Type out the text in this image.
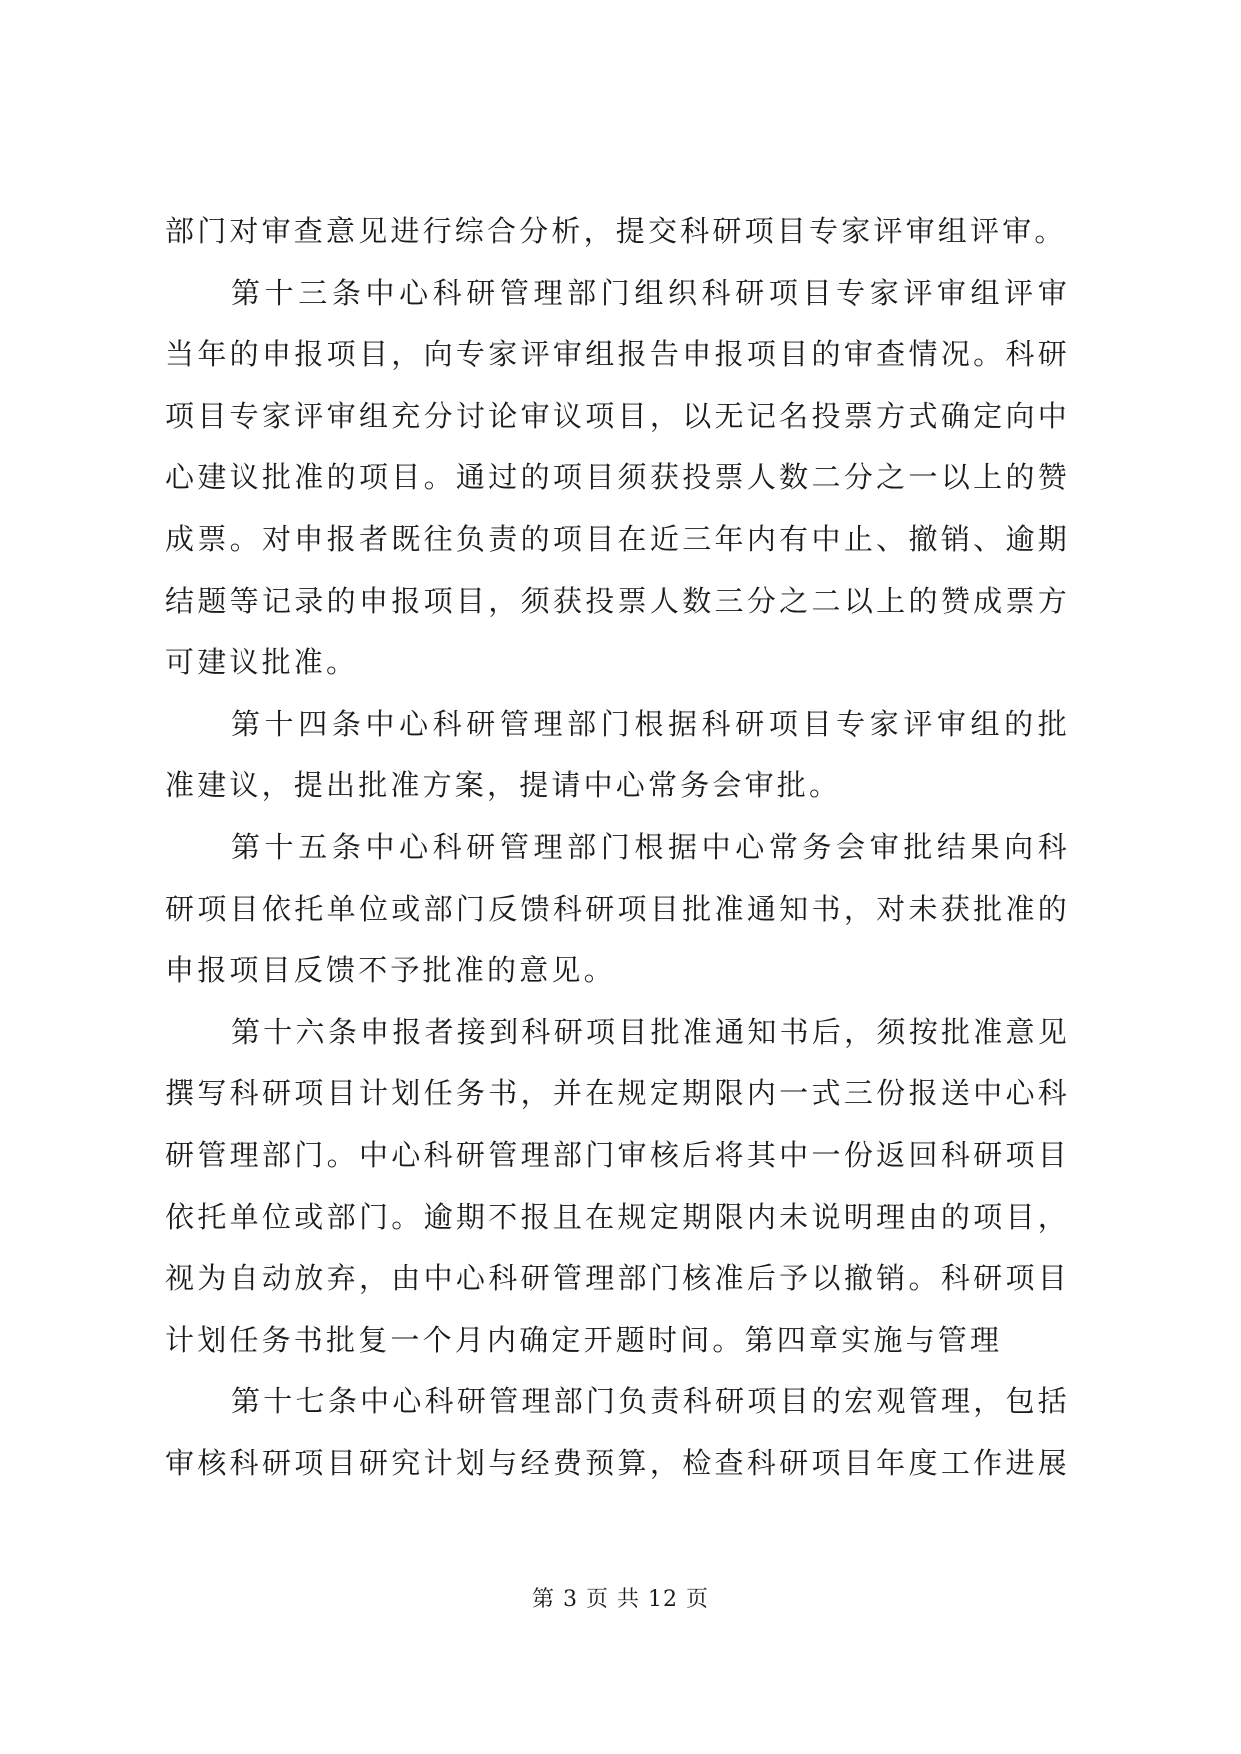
部门对审查意见进行综合分析，提交科研项目专家评审组评审。
第十三条中心科研管理部门组织科研项目专家评审组评审
当年的申报项目，向专家评审组报告申报项目的审查情况。科研
项目专家评审组充分讨论审议项目，以无记名投票方式确定向中
心建议批准的项目。通过的项目须获投票人数二分之一以上的赞
成票。对申报者既往负责的项目在近三年内有中止、撤销、逾期
结题等记录的申报项目，须获投票人数三分之二以上的赞成票方
可建议批准。
第十四条中心科研管理部门根据科研项目专家评审组的批
准建议，提出批准方案，提请中心常务会审批。
第十五条中心科研管理部门根据中心常务会审批结果向科
研项目依托单位或部门反馈科研项目批准通知书，对未获批准的
申报项目反馈不予批准的意见。
第十六条申报者接到科研项目批准通知书后，须按批准意见
撰写科研项目计划任务书，并在规定期限内一式三份报送中心科
研管理部门。中心科研管理部门审核后将其中一份返回科研项目
依托单位或部门。逾期不报且在规定期限内未说明理由的项目，
视为自动放弃，由中心科研管理部门核准后予以撤销。科研项目
计划任务书批复一个月内确定开题时间。第四章实施与管理
第十七条中心科研管理部门负责科研项目的宏观管理，包括
审核科研项目研究计划与经费预算，检查科研项目年度工作进展
第 3 页 共 12 页
